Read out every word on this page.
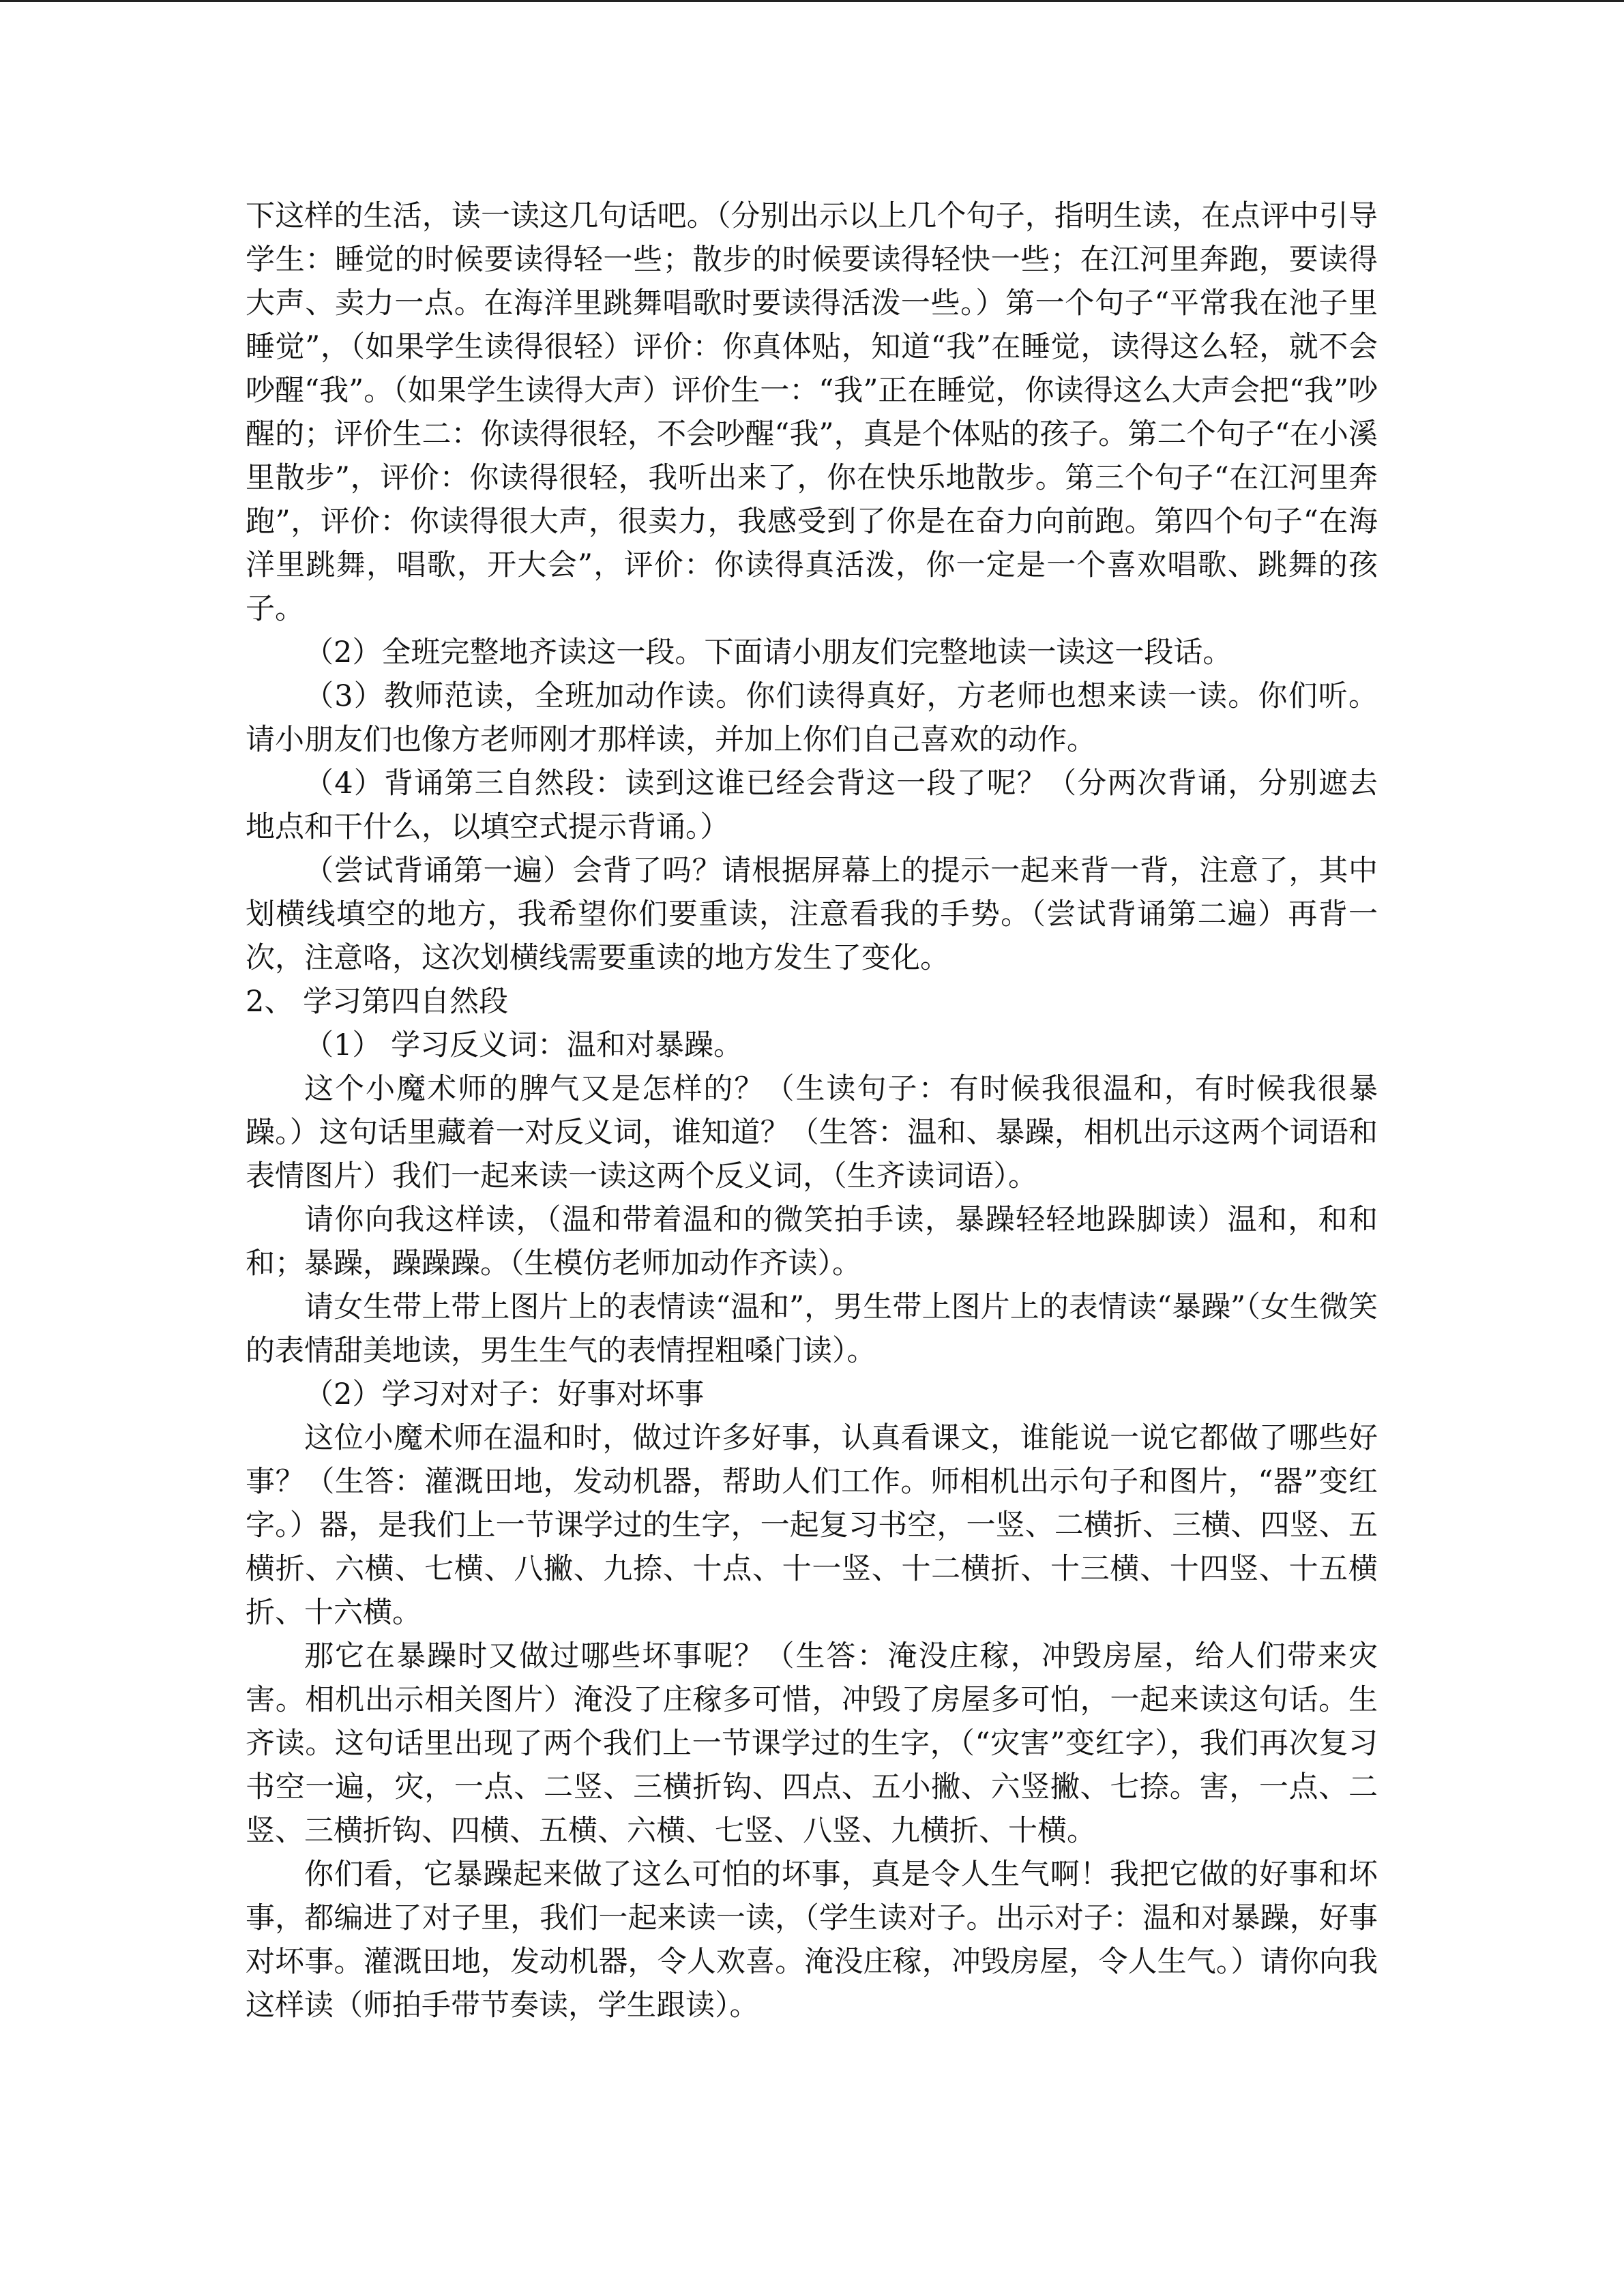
下这样的生活，读一读这几句话吧。（分别出示以上几个句子，指明生读，在点评中引导学生：睡觉的时候要读得轻一些；散步的时候要读得轻快一些；在江河里奔跑，要读得大声、卖力一点。在海洋里跳舞唱歌时要读得活泼一些。）第一个句子“平常我在池子里睡觉”，（如果学生读得很轻）评价：你真体贴，知道“我”在睡觉，读得这么轻，就不会吵醒“我”。（如果学生读得大声）评价生一：“我”正在睡觉，你读得这么大声会把“我”吵醒的；评价生二：你读得很轻，不会吵醒“我”，真是个体贴的孩子。第二个句子“在小溪里散步”，评价：你读得很轻，我听出来了，你在快乐地散步。第三个句子“在江河里奔跑”，评价：你读得很大声，很卖力，我感受到了你是在奋力向前跑。第四个句子“在海洋里跳舞，唱歌，开大会”，评价：你读得真活泼，你一定是一个喜欢唱歌、跳舞的孩子。

（2）全班完整地齐读这一段。下面请小朋友们完整地读一读这一段话。

（3）教师范读，全班加动作读。你们读得真好，方老师也想来读一读。你们听。请小朋友们也像方老师刚才那样读，并加上你们自己喜欢的动作。

（4）背诵第三自然段：读到这谁已经会背这一段了呢？（分两次背诵，分别遮去地点和干什么，以填空式提示背诵。）

（尝试背诵第一遍）会背了吗？请根据屏幕上的提示一起来背一背，注意了，其中划横线填空的地方，我希望你们要重读，注意看我的手势。（尝试背诵第二遍）再背一次，注意咯，这次划横线需要重读的地方发生了变化。

2、 学习第四自然段

（1） 学习反义词：温和对暴躁。

这个小魔术师的脾气又是怎样的？（生读句子：有时候我很温和，有时候我很暴躁。）这句话里藏着一对反义词，谁知道？（生答：温和、暴躁，相机出示这两个词语和表情图片）我们一起来读一读这两个反义词，（生齐读词语）。

请你向我这样读，（温和带着温和的微笑拍手读，暴躁轻轻地跺脚读）温和，和和和；暴躁，躁躁躁。（生模仿老师加动作齐读）。

请女生带上带上图片上的表情读“温和”，男生带上图片上的表情读“暴躁”（女生微笑的表情甜美地读，男生生气的表情捏粗嗓门读）。

（2）学习对对子：好事对坏事

这位小魔术师在温和时，做过许多好事，认真看课文，谁能说一说它都做了哪些好事？（生答：灌溉田地，发动机器，帮助人们工作。师相机出示句子和图片，“器”变红字。）器，是我们上一节课学过的生字，一起复习书空，一竖、二横折、三横、四竖、五横折、六横、七横、八撇、九捺、十点、十一竖、十二横折、十三横、十四竖、十五横折、十六横。

那它在暴躁时又做过哪些坏事呢？（生答：淹没庄稼，冲毁房屋，给人们带来灾害。相机出示相关图片）淹没了庄稼多可惜，冲毁了房屋多可怕，一起来读这句话。生齐读。这句话里出现了两个我们上一节课学过的生字，（“灾害”变红字），我们再次复习书空一遍，灾，一点、二竖、三横折钩、四点、五小撇、六竖撇、七捺。害，一点、二竖、三横折钩、四横、五横、六横、七竖、八竖、九横折、十横。

你们看，它暴躁起来做了这么可怕的坏事，真是令人生气啊！我把它做的好事和坏事，都编进了对子里，我们一起来读一读，（学生读对子。出示对子：温和对暴躁，好事对坏事。灌溉田地，发动机器，令人欢喜。淹没庄稼，冲毁房屋，令人生气。）请你向我这样读（师拍手带节奏读，学生跟读）。
